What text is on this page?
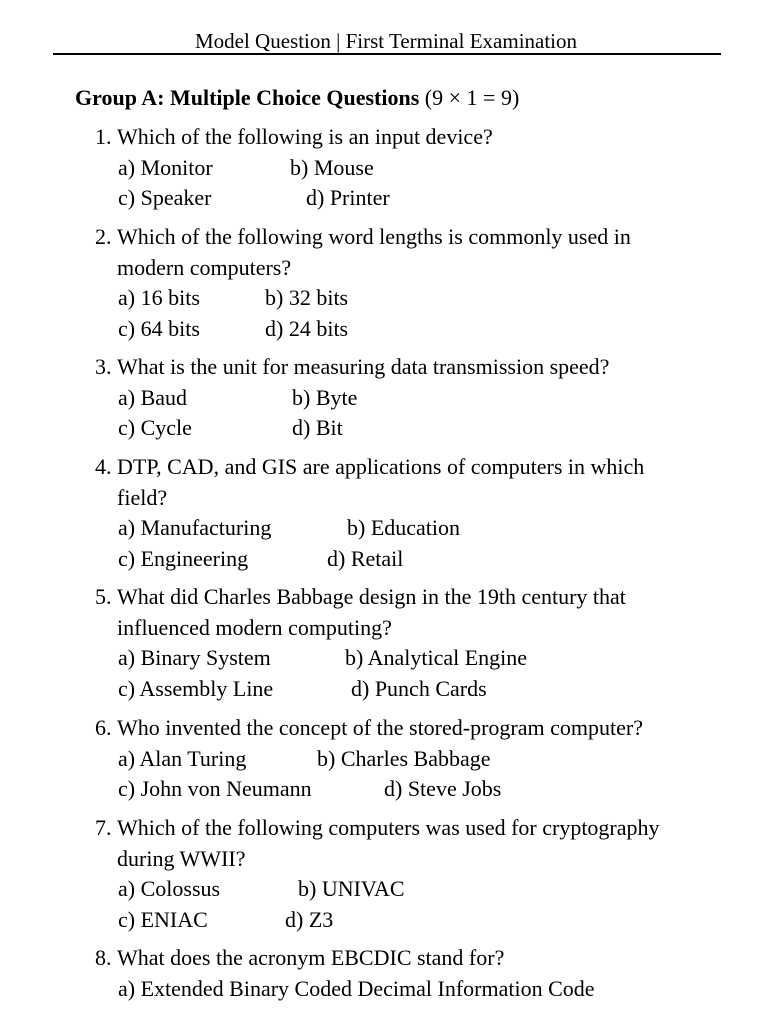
Model Question | First Terminal Examination
Group A: Multiple Choice Questions (9 × 1 = 9)
1. Which of the following is an input device?
a) Monitor	b) Mouse
c) Speaker	d) Printer
2. Which of the following word lengths is commonly used in
modern computers?
a) 16 bits	b) 32 bits
c) 64 bits	d) 24 bits
3. What is the unit for measuring data transmission speed?
a) Baud	b) Byte
c) Cycle	d) Bit
4. DTP, CAD, and GIS are applications of computers in which
field?
a) Manufacturing	b) Education
c) Engineering	d) Retail
5. What did Charles Babbage design in the 19th century that
influenced modern computing?
a) Binary System	b) Analytical Engine
c) Assembly Line	d) Punch Cards
6. Who invented the concept of the stored-program computer?
a) Alan Turing	b) Charles Babbage
c) John von Neumann	d) Steve Jobs
7. Which of the following computers was used for cryptography
during WWII?
a) Colossus	b) UNIVAC
c) ENIAC	d) Z3
8. What does the acronym EBCDIC stand for?
a) Extended Binary Coded Decimal Information Code
